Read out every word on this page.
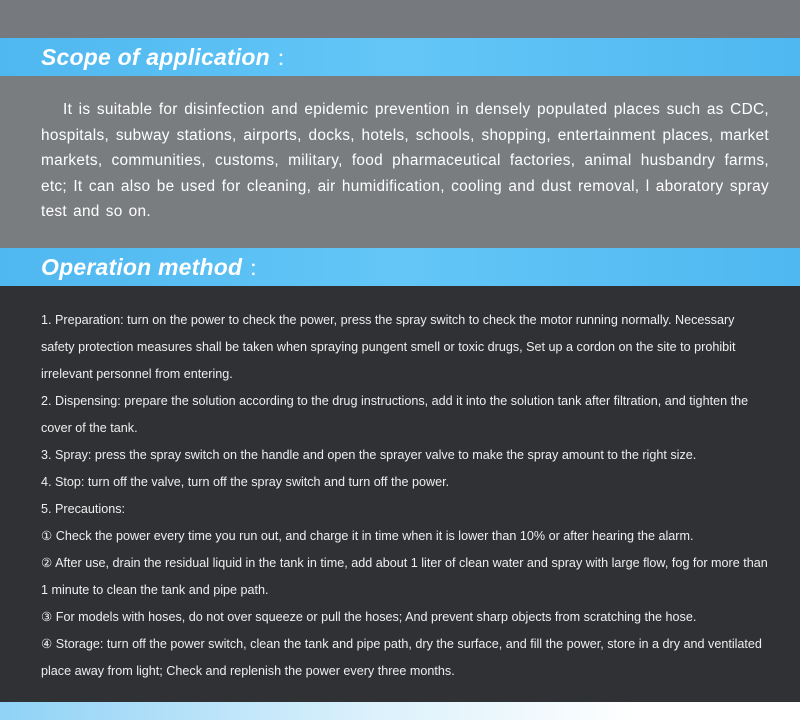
Scope of application ：

It is suitable for disinfection and epidemic prevention in densely populated places such as CDC, hospitals, subway stations, airports, docks, hotels, schools, shopping, entertainment places, market markets, communities, customs, military, food pharmaceutical factories, animal husbandry farms, etc; It can also be used for cleaning, air humidification, cooling and dust removal, l aboratory spray test and so on.

Operation method ：
1. Preparation: turn on the power to check the power, press the spray switch to check the motor running normally. Necessary safety protection measures shall be taken when spraying pungent smell or toxic drugs, Set up a cordon on the site to prohibit irrelevant personnel from entering.
2. Dispensing: prepare the solution according to the drug instructions, add it into the solution tank after filtration, and tighten the cover of the tank.
3. Spray: press the spray switch on the handle and open the sprayer valve to make the spray amount to the right size.
4. Stop: turn off the valve, turn off the spray switch and turn off the power.
5. Precautions:
① Check the power every time you run out, and charge it in time when it is lower than 10% or after hearing the alarm.
② After use, drain the residual liquid in the tank in time, add about 1 liter of clean water and spray with large flow, fog for more than 1 minute to clean the tank and pipe path.
③ For models with hoses, do not over squeeze or pull the hoses; And prevent sharp objects from scratching the hose.
④ Storage: turn off the power switch, clean the tank and pipe path, dry the surface, and fill the power, store in a dry and ventilated place away from light; Check and replenish the power every three months.
